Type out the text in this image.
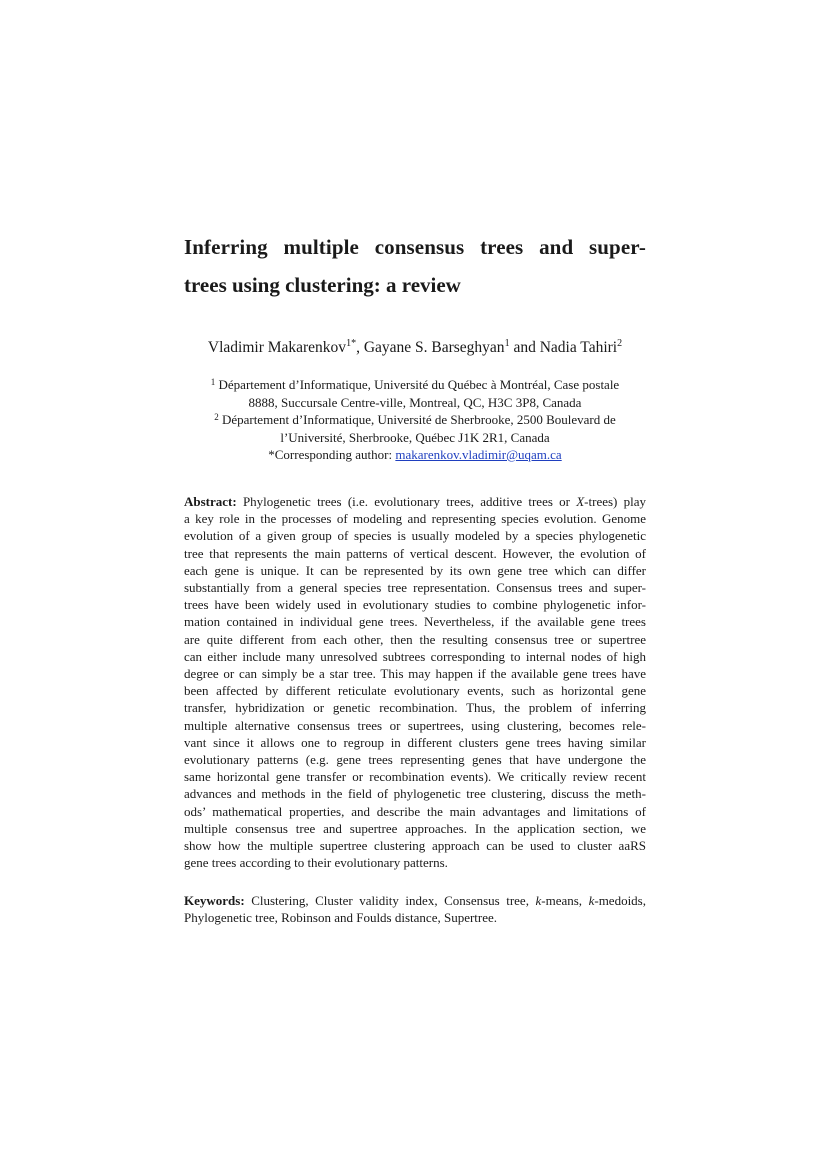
Inferring multiple consensus trees and super-
trees using clustering: a review

Vladimir Makarenkov$^{1*}$, Gayane S. Barseghyan$^1$ and Nadia Tahiri$^2$

$^1$ Département d’Informatique, Université du Québec à Montréal, Case postale
8888, Succursale Centre-ville, Montreal, QC, H3C 3P8, Canada
$^2$ Département d’Informatique, Université de Sherbrooke, 2500 Boulevard de
l’Université, Sherbrooke, Québec J1K 2R1, Canada
*Corresponding author: makarenkov.vladimir@uqam.ca
Abstract: Phylogenetic trees (i.e. evolutionary trees, additive trees or X-trees) play
a key role in the processes of modeling and representing species evolution. Genome
evolution of a given group of species is usually modeled by a species phylogenetic
tree that represents the main patterns of vertical descent. However, the evolution of
each gene is unique. It can be represented by its own gene tree which can differ
substantially from a general species tree representation. Consensus trees and super-
trees have been widely used in evolutionary studies to combine phylogenetic infor-
mation contained in individual gene trees. Nevertheless, if the available gene trees
are quite different from each other, then the resulting consensus tree or supertree
can either include many unresolved subtrees corresponding to internal nodes of high
degree or can simply be a star tree. This may happen if the available gene trees have
been affected by different reticulate evolutionary events, such as horizontal gene
transfer, hybridization or genetic recombination. Thus, the problem of inferring
multiple alternative consensus trees or supertrees, using clustering, becomes rele-
vant since it allows one to regroup in different clusters gene trees having similar
evolutionary patterns (e.g. gene trees representing genes that have undergone the
same horizontal gene transfer or recombination events). We critically review recent
advances and methods in the field of phylogenetic tree clustering, discuss the meth-
ods’ mathematical properties, and describe the main advantages and limitations of
multiple consensus tree and supertree approaches. In the application section, we
show how the multiple supertree clustering approach can be used to cluster aaRS
gene trees according to their evolutionary patterns.
Keywords: Clustering, Cluster validity index, Consensus tree, k-means, k-medoids,
Phylogenetic tree, Robinson and Foulds distance, Supertree.
